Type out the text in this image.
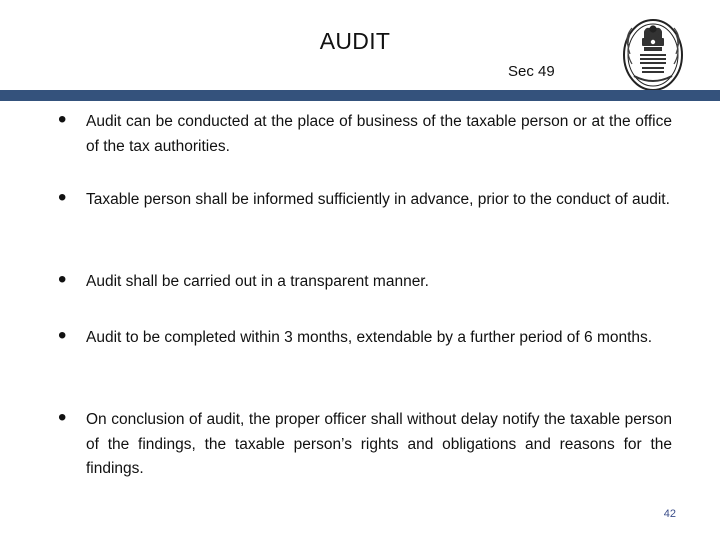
AUDIT
Sec 49
• Audit can be conducted at the place of business of the taxable person or at the office of the tax authorities.
• Taxable person shall be informed sufficiently in advance, prior to the conduct of audit.
• Audit shall be carried out in a transparent manner.
• Audit to be completed within 3 months, extendable by a further period of 6 months.
• On conclusion of audit, the proper officer shall without delay notify the taxable person of the findings, the taxable person’s rights and obligations and reasons for the findings.
42
